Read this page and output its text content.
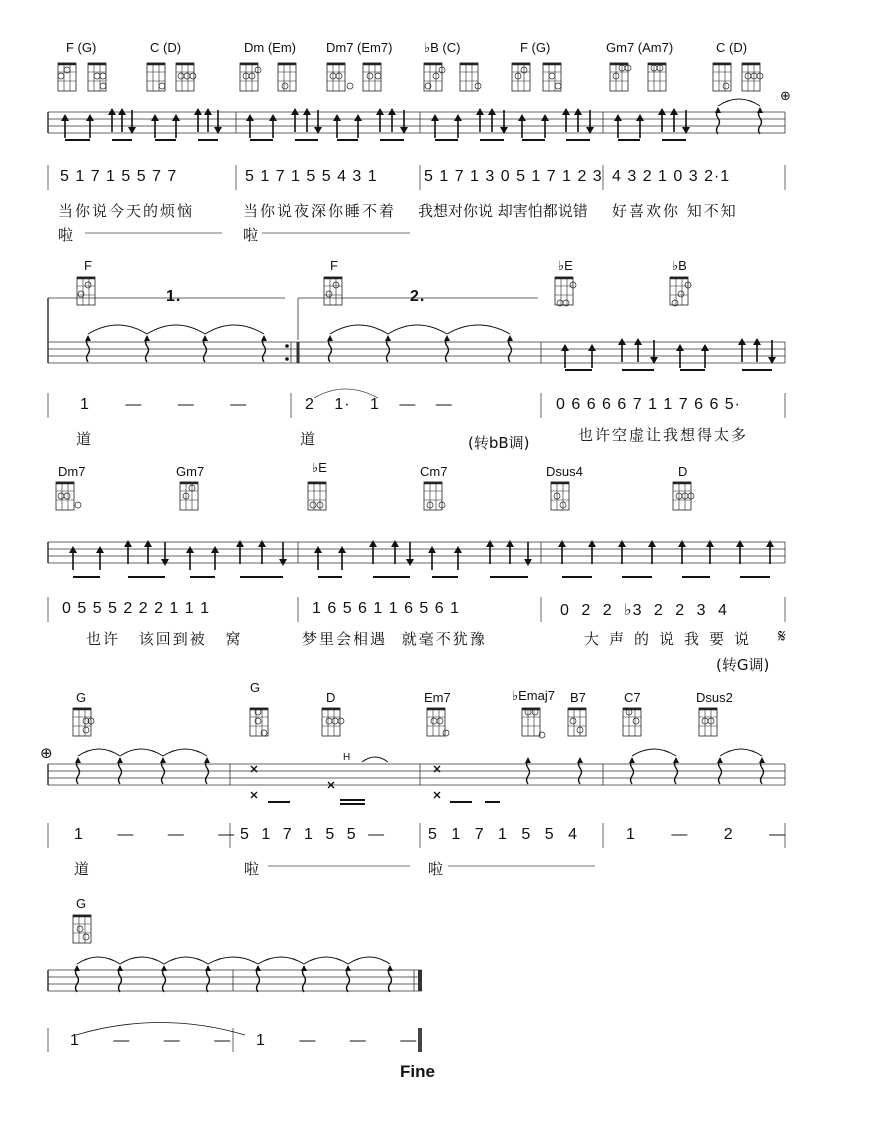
F (G)	C (D)	Dm (Em) Dm7 (Em7) ♭B (C)	F (G)	Gm7 (Am7)	C (D)
⊕
5 1 7 1 5 5 7 7	5 1 7 1 5 5 4 3 1	5 1 7 1 3 0 5 1 7 1 2 3 4 3 2 1 0 3 2·1
当你说今天的烦恼	当你说夜深你睡不着 我想对你说 却害怕都说错 好喜欢你 知不知
啦	啦
F	F	♭E	♭B
1.	2.
1 — — —	2 1· 1 — —	0 6 6 6 6 7 1 1 7 6 6 5·
道	道	也许空虚让我想得太多
(转bB调)
Dm7	Gm7	♭E	Cm7	Dsus4	D
0 5 5 5 2 2 2 1 1 1	1 6 5 6 1 1 6 5 6 1	0 2 2 ♭3 2 2 3 4
也许 该回到被 窝	梦里会相遇 就毫不犹豫	大声的说我要说 𝄋
(转G调)
G
G
D	Em7	♭Emaj7 B7	C7	Dsus2
⊕	H
1 — — — 5 1 7 1 5 5 —	5 1 7 1 5 5 4	1 — 2 —
道	啦	啦
G
1 — — — 1 — — —
Fine
